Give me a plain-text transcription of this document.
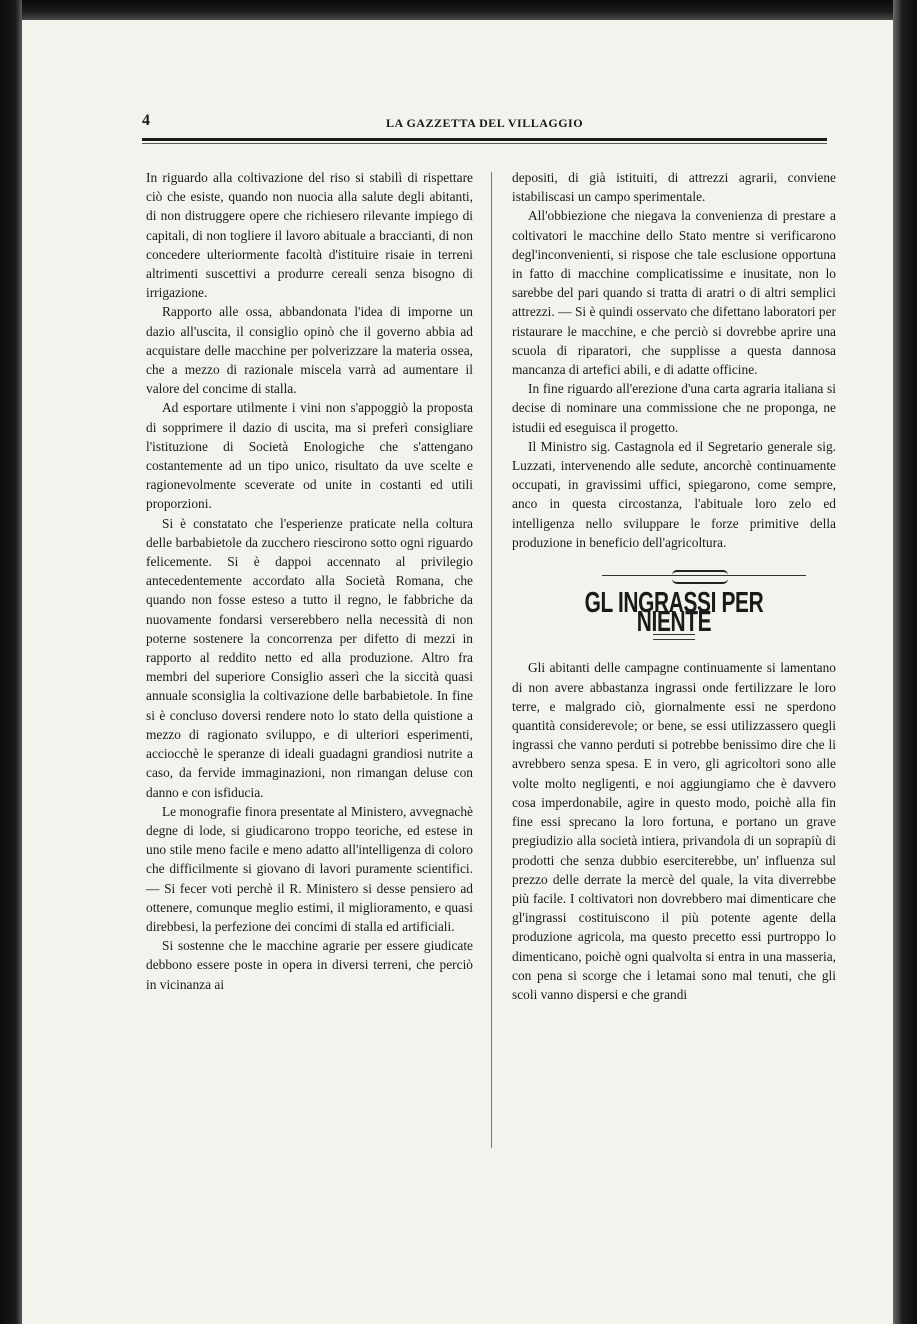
4	LA GAZZETTA DEL VILLAGGIO

In riguardo alla coltivazione del riso si stabilì di rispettare ciò che esiste, quando non nuocia alla salute degli abitanti, di non distruggere opere che richiesero rilevante impiego di capitali, di non togliere il lavoro abituale a braccianti, di non concedere ulteriormente facoltà d'istituire risaie in terreni altrimenti suscettivi a produrre cereali senza bisogno di irrigazione.

Rapporto alle ossa, abbandonata l'idea di imporne un dazio all'uscita, il consiglio opinò che il governo abbia ad acquistare delle macchine per polverizzare la materia ossea, che a mezzo di razionale miscela varrà ad aumentare il valore del concime di stalla.

Ad esportare utilmente i vini non s'appoggiò la proposta di sopprimere il dazio di uscita, ma si preferì consigliare l'istituzione di Società Enologiche che s'attengano costantemente ad un tipo unico, risultato da uve scelte e ragionevolmente sceverate od unite in costanti ed utili proporzioni.

Si è constatato che l'esperienze praticate nella coltura delle barbabietole da zucchero riescirono sotto ogni riguardo felicemente. Si è dappoi accennato al privilegio antecedentemente accordato alla Società Romana, che quando non fosse esteso a tutto il regno, le fabbriche da nuovamente fondarsi verserebbero nella necessità di non poterne sostenere la concorrenza per difetto di mezzi in rapporto al reddito netto ed alla produzione. Altro fra membri del superiore Consiglio asserì che la siccità quasi annuale sconsiglia la coltivazione delle barbabietole. In fine si è concluso doversi rendere noto lo stato della quistione a mezzo di ragionato sviluppo, e di ulteriori esperimenti, acciocchè le speranze di ideali guadagni grandiosi nutrite a caso, da fervide immaginazioni, non rimangan deluse con danno e con isfiducia.

Le monografie finora presentate al Ministero, avvegnachè degne di lode, si giudicarono troppo teoriche, ed estese in uno stile meno facile e meno adatto all'intelligenza di coloro che difficilmente si giovano di lavori puramente scientifici. — Si fecer voti perchè il R. Ministero si desse pensiero ad ottenere, comunque meglio estimi, il miglioramento, e quasi direbbesi, la perfezione dei concimi di stalla ed artificiali.

Si sostenne che le macchine agrarie per essere giudicate debbono essere poste in opera in diversi terreni, che perciò in vicinanza ai

depositi, di già istituiti, di attrezzi agrarii, conviene istabiliscasi un campo sperimentale.

All'obbiezione che niegava la convenienza di prestare a coltivatori le macchine dello Stato mentre si verificarono degl'inconvenienti, si rispose che tale esclusione opportuna in fatto di macchine complicatissime e inusitate, non lo sarebbe del pari quando si tratta di aratri o di altri semplici attrezzi. — Si è quindi osservato che difettano laboratori per ristaurare le macchine, e che perciò si dovrebbe aprire una scuola di riparatori, che supplisse a questa dannosa mancanza di artefici abili, e di adatte officine.

In fine riguardo all'erezione d'una carta agraria italiana si decise di nominare una commissione che ne proponga, ne istudii ed eseguisca il progetto.

Il Ministro sig. Castagnola ed il Segretario generale sig. Luzzati, intervenendo alle sedute, ancorchè continuamente occupati, in gravissimi uffici, spiegarono, come sempre, anco in questa circostanza, l'abituale loro zelo ed intelligenza nello sviluppare le forze primitive della produzione in beneficio dell'agricoltura.

GL INGRASSI PER NIENTE

Gli abitanti delle campagne continuamente si lamentano di non avere abbastanza ingrassi onde fertilizzare le loro terre, e malgrado ciò, giornalmente essi ne sperdono quantità considerevole; or bene, se essi utilizzassero quegli ingrassi che vanno perduti si potrebbe benissimo dire che li avrebbero senza spesa. E in vero, gli agricoltori sono alle volte molto negligenti, e noi aggiungiamo che è davvero cosa imperdonabile, agire in questo modo, poichè alla fin fine essi sprecano la loro fortuna, e portano un grave pregiudizio alla società intiera, privandola di un soprapiù di prodotti che senza dubbio eserciterebbe, un' influenza sul prezzo delle derrate la mercè del quale, la vita diverrebbe più facile. I coltivatori non dovrebbero mai dimenticare che gl'ingrassi costituiscono il più potente agente della produzione agricola, ma questo precetto essi purtroppo lo dimenticano, poichè ogni qualvolta si entra in una masseria, con pena si scorge che i letamai sono mal tenuti, che gli scoli vanno dispersi e che grandi
